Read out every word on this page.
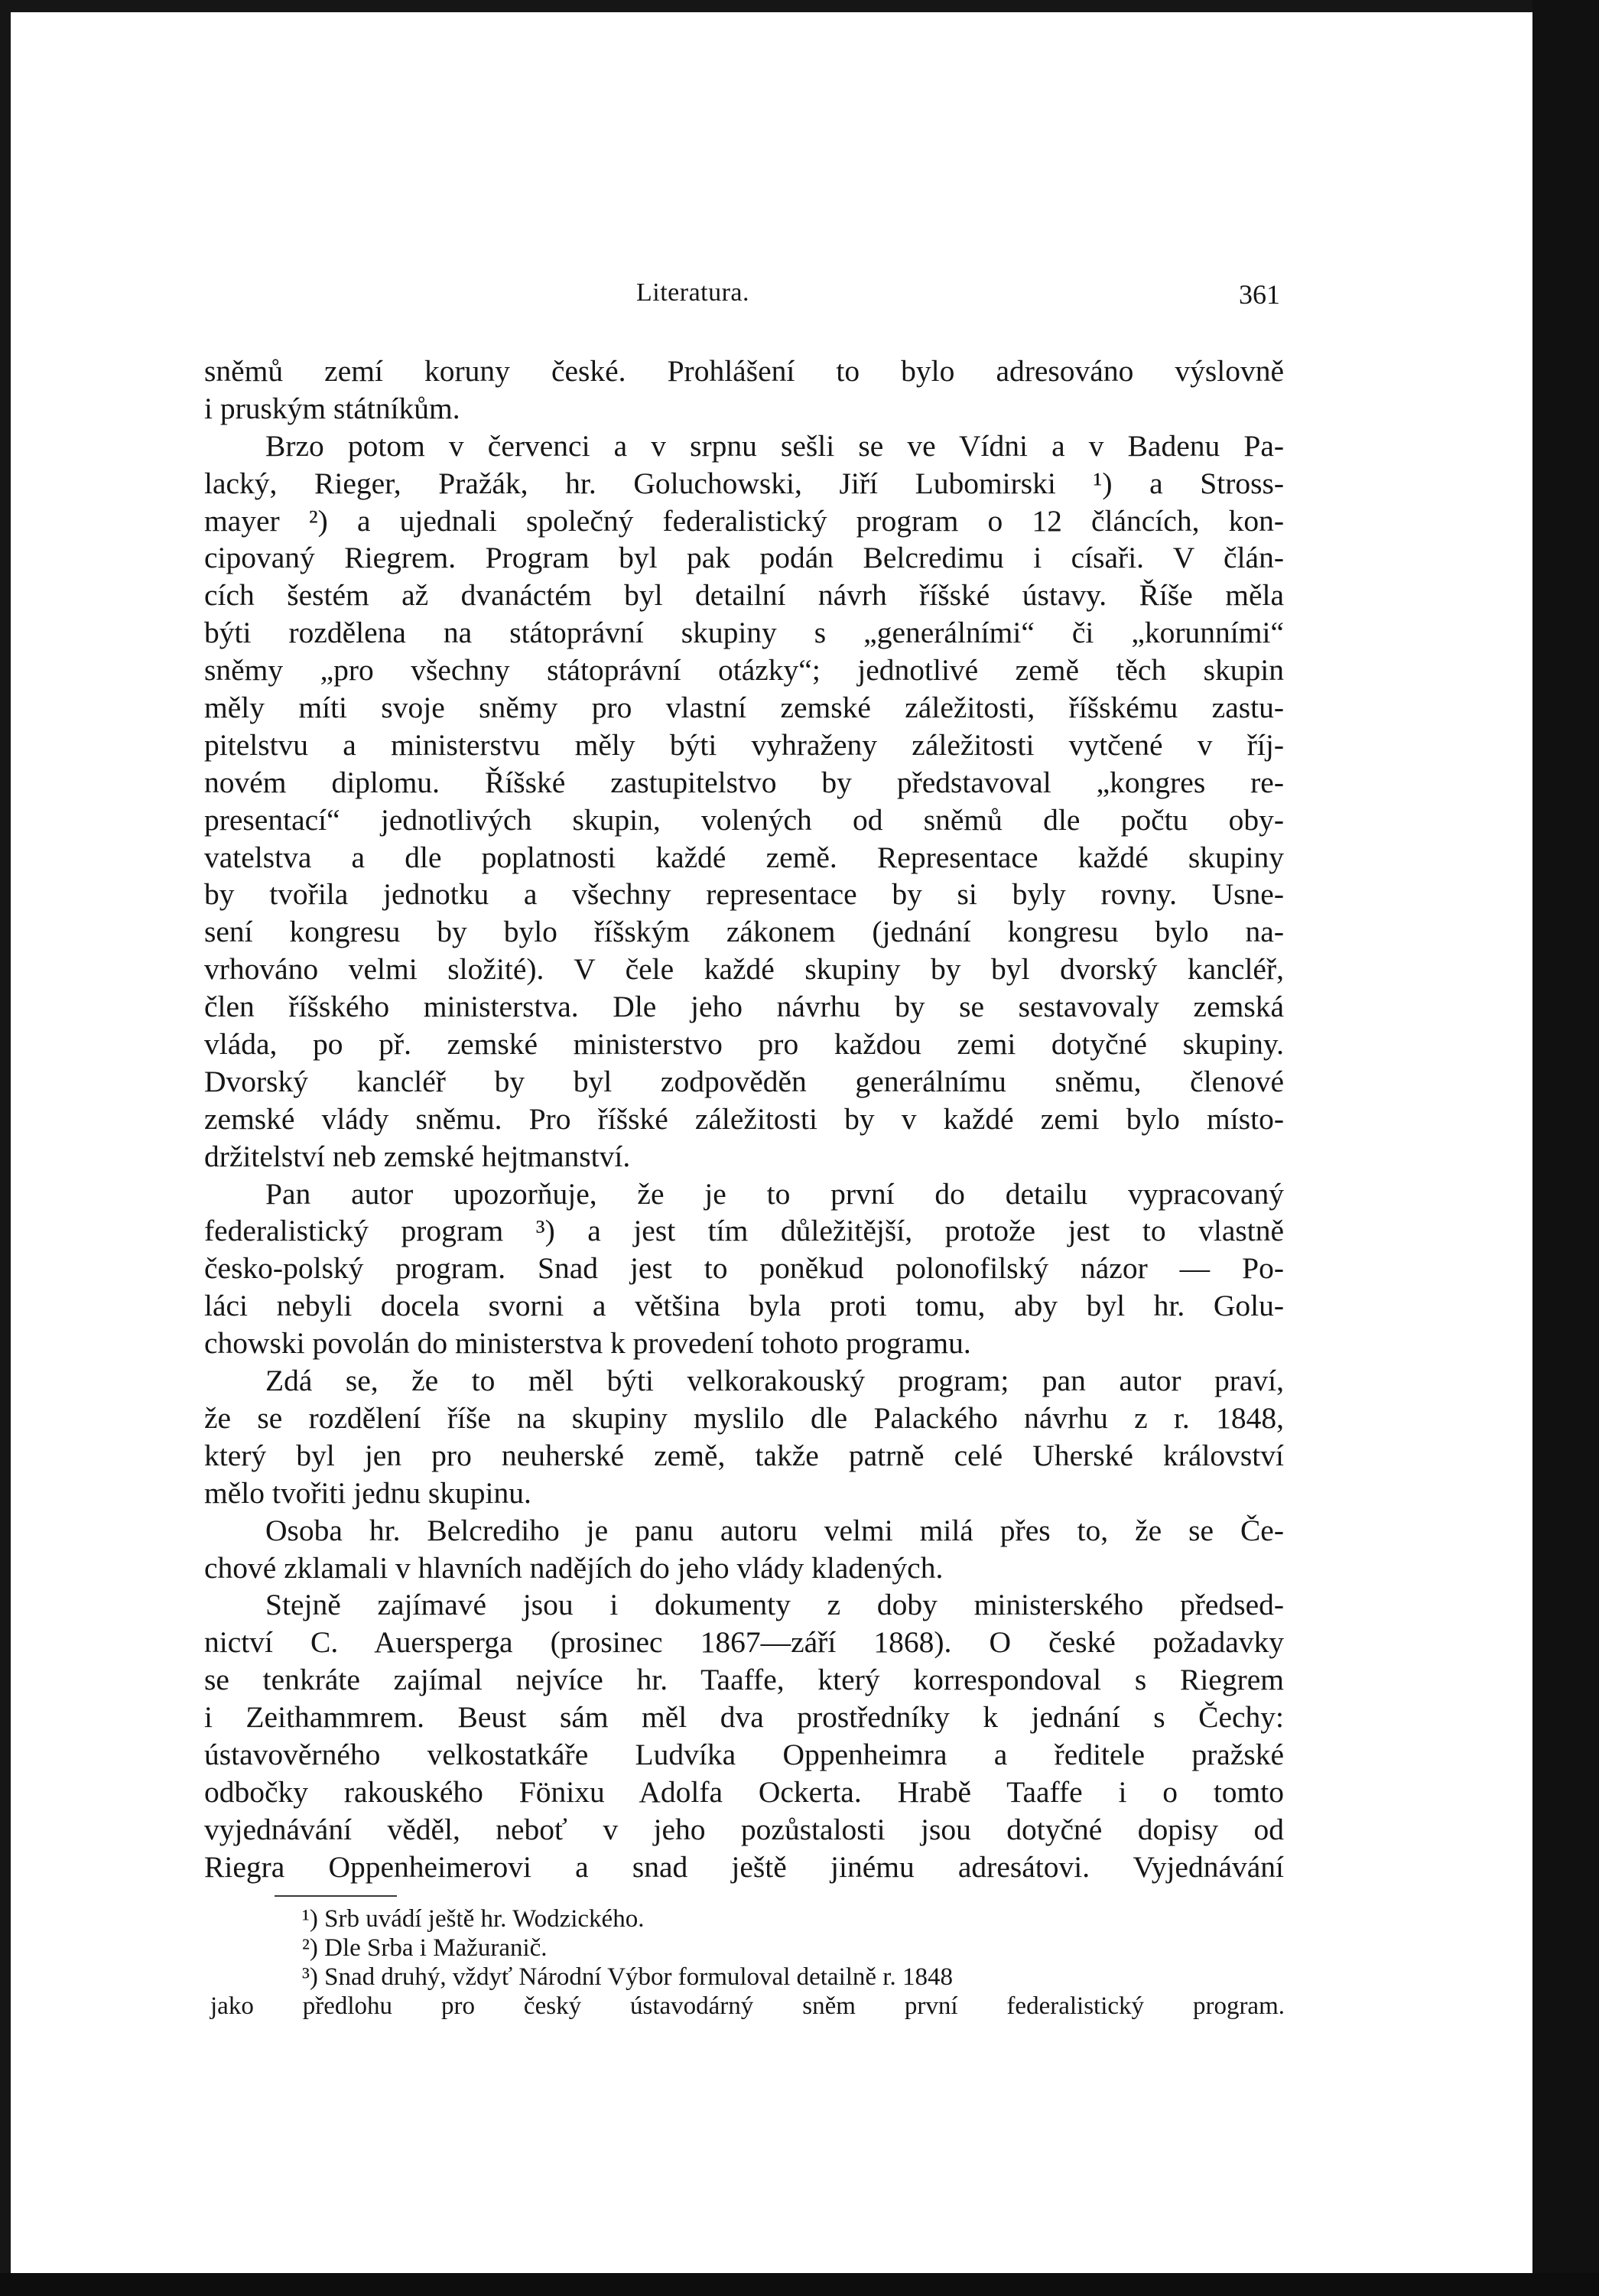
Literatura.	361
sněmů zemí koruny české. Prohlášení to bylo adresováno výslovně
i pruským státníkům.
Brzo potom v červenci a v srpnu sešli se ve Vídni a v Badenu Pa-
lacký, Rieger, Pražák, hr. Goluchowski, Jiří Lubomirski ¹) a Stross-
mayer ²) a ujednali společný federalistický program o 12 článcích, kon-
cipovaný Riegrem. Program byl pak podán Belcredimu i císaři. V člán-
cích šestém až dvanáctém byl detailní návrh říšské ústavy. Říše měla
býti rozdělena na státoprávní skupiny s „generálními“ či „korunními“
sněmy „pro všechny státoprávní otázky“; jednotlivé země těch skupin
měly míti svoje sněmy pro vlastní zemské záležitosti, říšskému zastu-
pitelstvu a ministerstvu měly býti vyhraženy záležitosti vytčené v říj-
novém diplomu. Říšské zastupitelstvo by představoval „kongres re-
presentací“ jednotlivých skupin, volených od sněmů dle počtu oby-
vatelstva a dle poplatnosti každé země. Representace každé skupiny
by tvořila jednotku a všechny representace by si byly rovny. Usne-
sení kongresu by bylo říšským zákonem (jednání kongresu bylo na-
vrhováno velmi složité). V čele každé skupiny by byl dvorský kancléř,
člen říšského ministerstva. Dle jeho návrhu by se sestavovaly zemská
vláda, po př. zemské ministerstvo pro každou zemi dotyčné skupiny.
Dvorský kancléř by byl zodpověděn generálnímu sněmu, členové
zemské vlády sněmu. Pro říšské záležitosti by v každé zemi bylo místo-
držitelství neb zemské hejtmanství.
Pan autor upozorňuje, že je to první do detailu vypracovaný
federalistický program ³) a jest tím důležitější, protože jest to vlastně
česko-polský program. Snad jest to poněkud polonofilský názor — Po-
láci nebyli docela svorni a většina byla proti tomu, aby byl hr. Golu-
chowski povolán do ministerstva k provedení tohoto programu.
Zdá se, že to měl býti velkorakouský program; pan autor praví,
že se rozdělení říše na skupiny myslilo dle Palackého návrhu z r. 1848,
který byl jen pro neuherské země, takže patrně celé Uherské království
mělo tvořiti jednu skupinu.
Osoba hr. Belcrediho je panu autoru velmi milá přes to, že se Če-
chové zklamali v hlavních nadějích do jeho vlády kladených.
Stejně zajímavé jsou i dokumenty z doby ministerského předsed-
nictví C. Auersperga (prosinec 1867—září 1868). O české požadavky
se tenkráte zajímal nejvíce hr. Taaffe, který korrespondoval s Riegrem
i Zeithammrem. Beust sám měl dva prostředníky k jednání s Čechy:
ústavověrného velkostatkáře Ludvíka Oppenheimra a ředitele pražské
odbočky rakouského Fönixu Adolfa Ockerta. Hrabě Taaffe i o tomto
vyjednávání věděl, neboť v jeho pozůstalosti jsou dotyčné dopisy od
Riegra Oppenheimerovi a snad ještě jinému adresátovi. Vyjednávání
¹) Srb uvádí ještě hr. Wodzického.
²) Dle Srba i Mažuranič.
³) Snad druhý, vždyť Národní Výbor formuloval detailně r. 1848
jako předlohu pro český ústavodárný sněm první federalistický program.
